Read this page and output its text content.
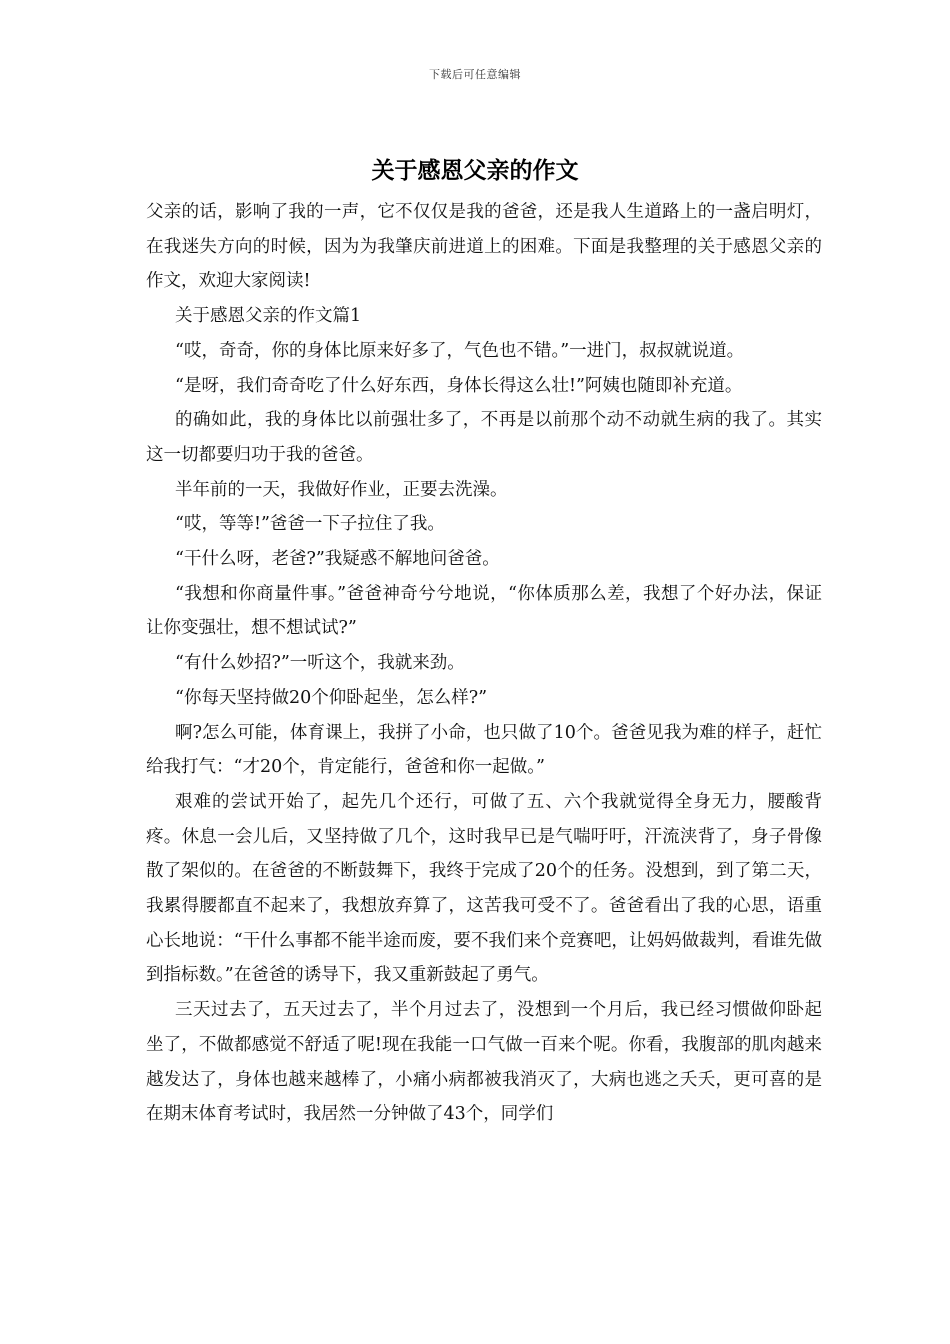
下载后可任意编辑
关于感恩父亲的作文

父亲的话，影响了我的一声，它不仅仅是我的爸爸，还是我人生道路上的一盏启明灯，在我迷失方向的时候，因为为我肇庆前进道上的困难。下面是我整理的关于感恩父亲的作文，欢迎大家阅读!

关于感恩父亲的作文篇1

“哎，奇奇，你的身体比原来好多了，气色也不错。”一进门，叔叔就说道。

“是呀，我们奇奇吃了什么好东西，身体长得这么壮!”阿姨也随即补充道。

的确如此，我的身体比以前强壮多了，不再是以前那个动不动就生病的我了。其实这一切都要归功于我的爸爸。

半年前的一天，我做好作业，正要去洗澡。

“哎，等等!”爸爸一下子拉住了我。

“干什么呀，老爸?”我疑惑不解地问爸爸。

“我想和你商量件事。”爸爸神奇兮兮地说，“你体质那么差，我想了个好办法，保证让你变强壮，想不想试试?”

“有什么妙招?”一听这个，我就来劲。

“你每天坚持做20个仰卧起坐，怎么样?”

啊?怎么可能，体育课上，我拼了小命，也只做了10个。爸爸见我为难的样子，赶忙给我打气：“才20个，肯定能行，爸爸和你一起做。”

艰难的尝试开始了，起先几个还行，可做了五、六个我就觉得全身无力，腰酸背疼。休息一会儿后，又坚持做了几个，这时我早已是气喘吁吁，汗流浃背了，身子骨像散了架似的。在爸爸的不断鼓舞下，我终于完成了20个的任务。没想到，到了第二天，我累得腰都直不起来了，我想放弃算了，这苦我可受不了。爸爸看出了我的心思，语重心长地说：“干什么事都不能半途而废，要不我们来个竞赛吧，让妈妈做裁判，看谁先做到指标数。”在爸爸的诱导下，我又重新鼓起了勇气。

三天过去了，五天过去了，半个月过去了，没想到一个月后，我已经习惯做仰卧起坐了，不做都感觉不舒适了呢!现在我能一口气做一百来个呢。你看，我腹部的肌肉越来越发达了，身体也越来越棒了，小痛小病都被我消灭了，大病也逃之夭夭，更可喜的是在期末体育考试时，我居然一分钟做了43个，同学们
